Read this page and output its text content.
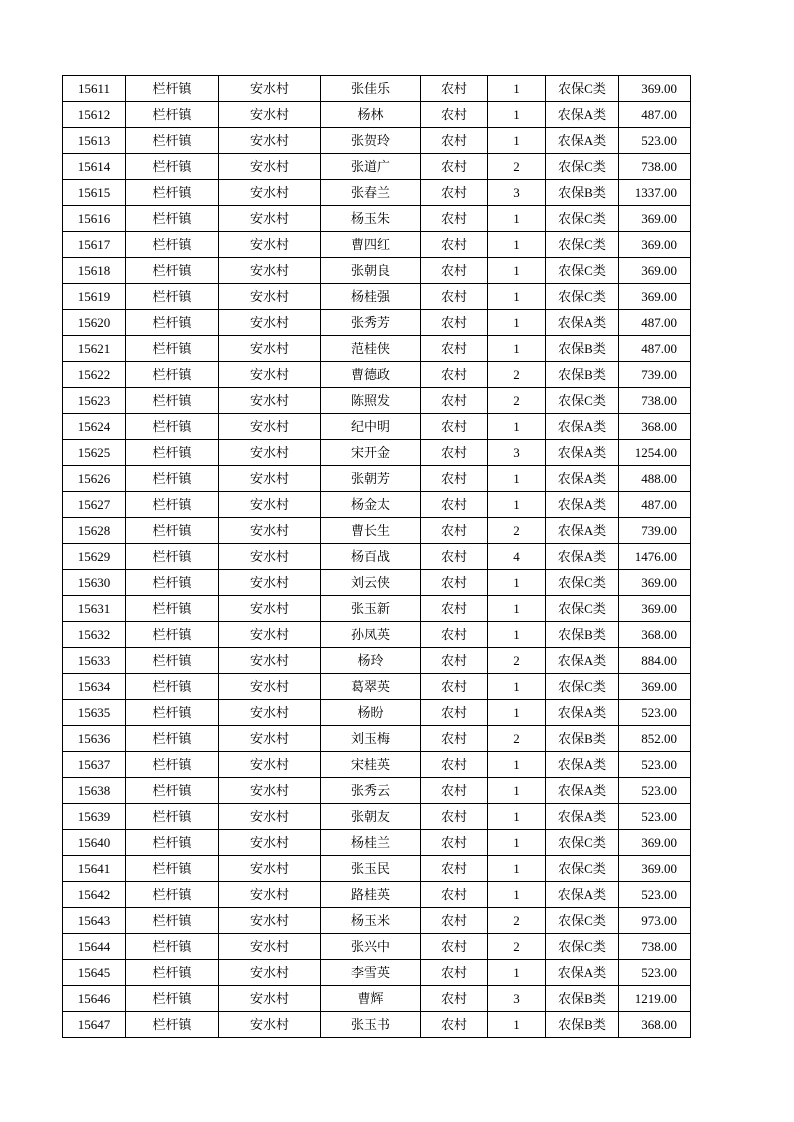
15611	栏杆镇	安水村	张佳乐	农村	1	农保C类	369.00
15612	栏杆镇	安水村	杨林	农村	1	农保A类	487.00
15613	栏杆镇	安水村	张贺玲	农村	1	农保A类	523.00
15614	栏杆镇	安水村	张道广	农村	2	农保C类	738.00
15615	栏杆镇	安水村	张春兰	农村	3	农保B类	1337.00
15616	栏杆镇	安水村	杨玉朱	农村	1	农保C类	369.00
15617	栏杆镇	安水村	曹四红	农村	1	农保C类	369.00
15618	栏杆镇	安水村	张朝良	农村	1	农保C类	369.00
15619	栏杆镇	安水村	杨桂强	农村	1	农保C类	369.00
15620	栏杆镇	安水村	张秀芳	农村	1	农保A类	487.00
15621	栏杆镇	安水村	范桂侠	农村	1	农保B类	487.00
15622	栏杆镇	安水村	曹德政	农村	2	农保B类	739.00
15623	栏杆镇	安水村	陈照发	农村	2	农保C类	738.00
15624	栏杆镇	安水村	纪中明	农村	1	农保A类	368.00
15625	栏杆镇	安水村	宋开金	农村	3	农保A类	1254.00
15626	栏杆镇	安水村	张朝芳	农村	1	农保A类	488.00
15627	栏杆镇	安水村	杨金太	农村	1	农保A类	487.00
15628	栏杆镇	安水村	曹长生	农村	2	农保A类	739.00
15629	栏杆镇	安水村	杨百战	农村	4	农保A类	1476.00
15630	栏杆镇	安水村	刘云侠	农村	1	农保C类	369.00
15631	栏杆镇	安水村	张玉新	农村	1	农保C类	369.00
15632	栏杆镇	安水村	孙凤英	农村	1	农保B类	368.00
15633	栏杆镇	安水村	杨玲	农村	2	农保A类	884.00
15634	栏杆镇	安水村	葛翠英	农村	1	农保C类	369.00
15635	栏杆镇	安水村	杨盼	农村	1	农保A类	523.00
15636	栏杆镇	安水村	刘玉梅	农村	2	农保B类	852.00
15637	栏杆镇	安水村	宋桂英	农村	1	农保A类	523.00
15638	栏杆镇	安水村	张秀云	农村	1	农保A类	523.00
15639	栏杆镇	安水村	张朝友	农村	1	农保A类	523.00
15640	栏杆镇	安水村	杨桂兰	农村	1	农保C类	369.00
15641	栏杆镇	安水村	张玉民	农村	1	农保C类	369.00
15642	栏杆镇	安水村	路桂英	农村	1	农保A类	523.00
15643	栏杆镇	安水村	杨玉米	农村	2	农保C类	973.00
15644	栏杆镇	安水村	张兴中	农村	2	农保C类	738.00
15645	栏杆镇	安水村	李雪英	农村	1	农保A类	523.00
15646	栏杆镇	安水村	曹辉	农村	3	农保B类	1219.00
15647	栏杆镇	安水村	张玉书	农村	1	农保B类	368.00
